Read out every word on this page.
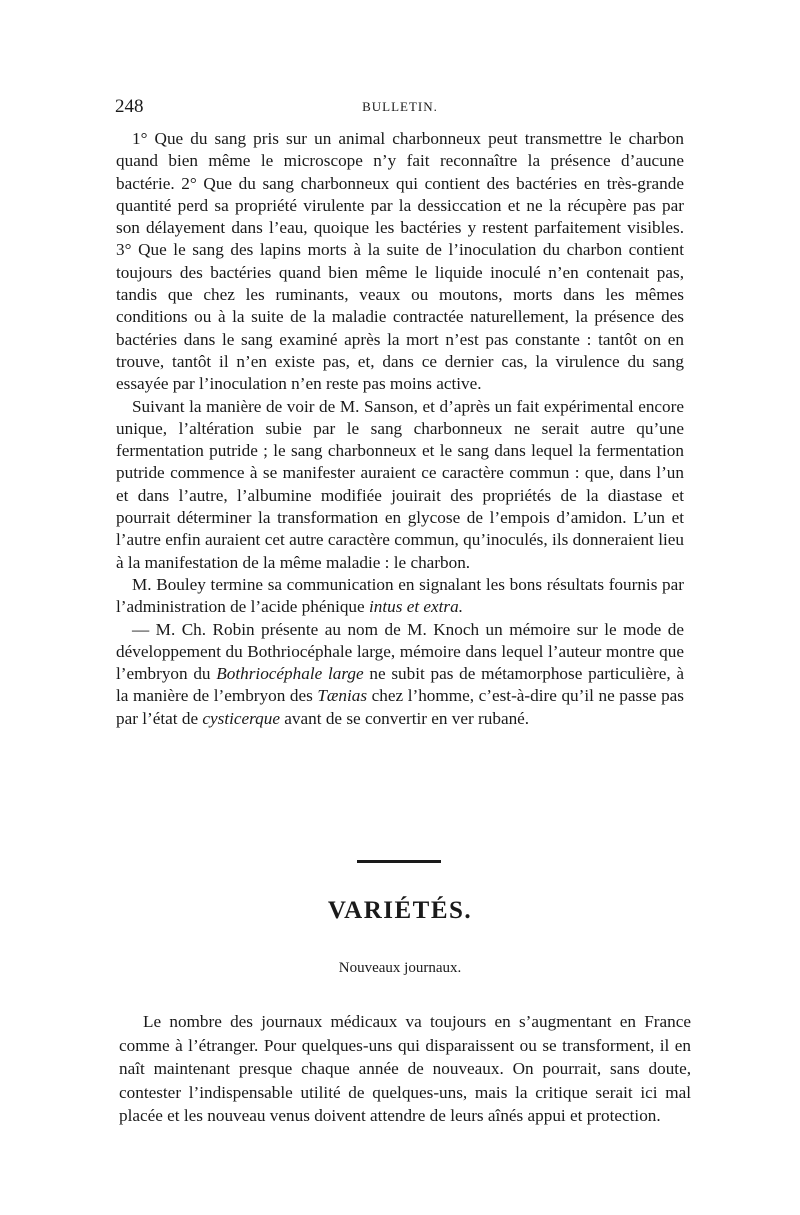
248	BULLETIN.

1° Que du sang pris sur un animal charbonneux peut transmettre le charbon quand bien même le microscope n’y fait reconnaître la présence d’aucune bactérie. 2° Que du sang charbonneux qui contient des bactéries en très-grande quantité perd sa propriété virulente par la dessiccation et ne la récupère pas par son délayement dans l’eau, quoique les bactéries y restent parfaitement visibles. 3° Que le sang des lapins morts à la suite de l’inoculation du charbon contient toujours des bactéries quand bien même le liquide inoculé n’en contenait pas, tandis que chez les ruminants, veaux ou moutons, morts dans les mêmes conditions ou à la suite de la maladie contractée naturellement, la présence des bactéries dans le sang examiné après la mort n’est pas constante : tantôt on en trouve, tantôt il n’en existe pas, et, dans ce dernier cas, la virulence du sang essayée par l’inoculation n’en reste pas moins active.

Suivant la manière de voir de M. Sanson, et d’après un fait expérimental encore unique, l’altération subie par le sang charbonneux ne serait autre qu’une fermentation putride ; le sang charbonneux et le sang dans lequel la fermentation putride commence à se manifester auraient ce caractère commun : que, dans l’un et dans l’autre, l’albumine modifiée jouirait des propriétés de la diastase et pourrait déterminer la transformation en glycose de l’empois d’amidon. L’un et l’autre enfin auraient cet autre caractère commun, qu’inoculés, ils donneraient lieu à la manifestation de la même maladie : le charbon.

M. Bouley termine sa communication en signalant les bons résultats fournis par l’administration de l’acide phénique intus et extra.

— M. Ch. Robin présente au nom de M. Knoch un mémoire sur le mode de développement du Bothriocéphale large, mémoire dans lequel l’auteur montre que l’embryon du Bothriocéphale large ne subit pas de métamorphose particulière, à la manière de l’embryon des Tænias chez l’homme, c’est-à-dire qu’il ne passe pas par l’état de cysticerque avant de se convertir en ver rubané.

VARIÉTÉS.
Nouveaux journaux.

Le nombre des journaux médicaux va toujours en s’augmentant en France comme à l’étranger. Pour quelques-uns qui disparaissent ou se transforment, il en naît maintenant presque chaque année de nouveaux. On pourrait, sans doute, contester l’indispensable utilité de quelques-uns, mais la critique serait ici mal placée et les nouveau venus doivent attendre de leurs aînés appui et protection.
